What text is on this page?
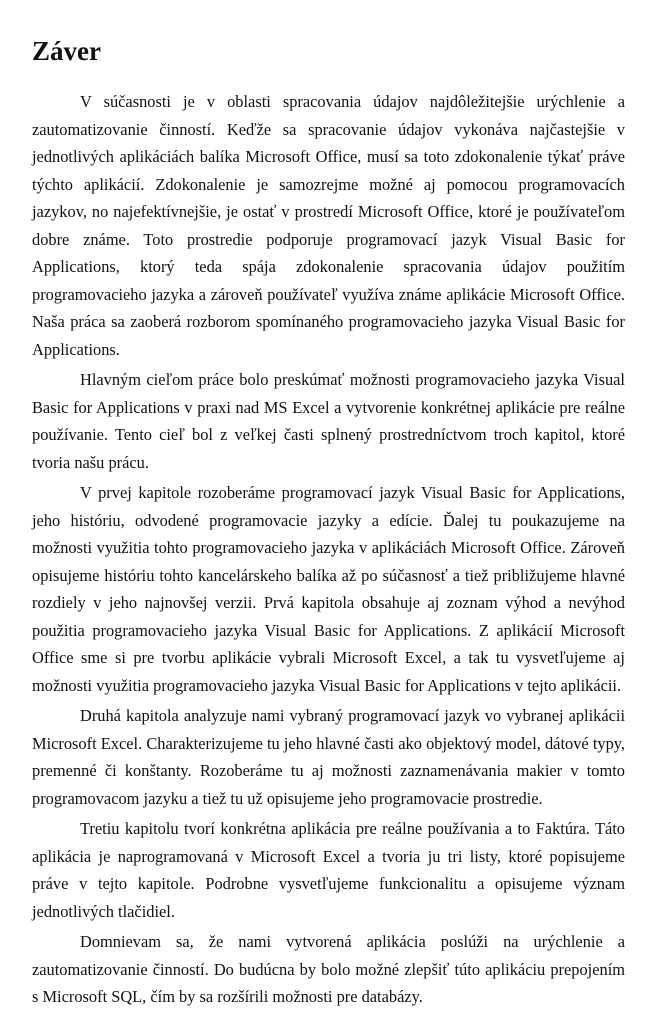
Záver

V súčasnosti je v oblasti spracovania údajov najdôležitejšie urýchlenie a zautomatizovanie činností. Keďže sa spracovanie údajov vykonáva najčastejšie v jednotlivých aplikáciách balíka Microsoft Office, musí sa toto zdokonalenie týkať práve týchto aplikácií. Zdokonalenie je samozrejme možné aj pomocou programovacích jazykov, no najefektívnejšie, je ostať v prostredí Microsoft Office, ktoré je používateľom dobre známe. Toto prostredie podporuje programovací jazyk Visual Basic for Applications, ktorý teda spája zdokonalenie spracovania údajov použitím programovacieho jazyka a zároveň používateľ využíva známe aplikácie Microsoft Office. Naša práca sa zaoberá rozborom spomínaného programovacieho jazyka Visual Basic for Applications.

Hlavným cieľom práce bolo preskúmať možnosti programovacieho jazyka Visual Basic for Applications v praxi nad MS Excel a vytvorenie konkrétnej aplikácie pre reálne používanie. Tento cieľ bol z veľkej časti splnený prostredníctvom troch kapitol, ktoré tvoria našu prácu.

V prvej kapitole rozoberáme programovací jazyk Visual Basic for Applications, jeho históriu, odvodené programovacie jazyky a edície. Ďalej tu poukazujeme na možnosti využitia tohto programovacieho jazyka v aplikáciách Microsoft Office. Zároveň opisujeme históriu tohto kancelárskeho balíka až po súčasnosť a tiež približujeme hlavné rozdiely v jeho najnovšej verzii. Prvá kapitola obsahuje aj zoznam výhod a nevýhod použitia programovacieho jazyka Visual Basic for Applications. Z aplikácií Microsoft Office sme si pre tvorbu aplikácie vybrali Microsoft Excel, a tak tu vysvetľujeme aj možnosti využitia programovacieho jazyka Visual Basic for Applications v tejto aplikácii.

Druhá kapitola analyzuje nami vybraný programovací jazyk vo vybranej aplikácii Microsoft Excel. Charakterizujeme tu jeho hlavné časti ako objektový model, dátové typy, premenné či konštanty. Rozoberáme tu aj možnosti zaznamenávania makier v tomto programovacom jazyku a tiež tu už opisujeme jeho programovacie prostredie.

Tretiu kapitolu tvorí konkrétna aplikácia pre reálne používania a to Faktúra. Táto aplikácia je naprogramovaná v Microsoft Excel a tvoria ju tri listy, ktoré popisujeme práve v tejto kapitole. Podrobne vysvetľujeme funkcionalitu a opisujeme význam jednotlivých tlačidiel.

Domnievam sa, že nami vytvorená aplikácia poslúži na urýchlenie a zautomatizovanie činností. Do budúcna by bolo možné zlepšiť túto aplikáciu prepojením s Microsoft SQL, čím by sa rozšírili možnosti pre databázy.
